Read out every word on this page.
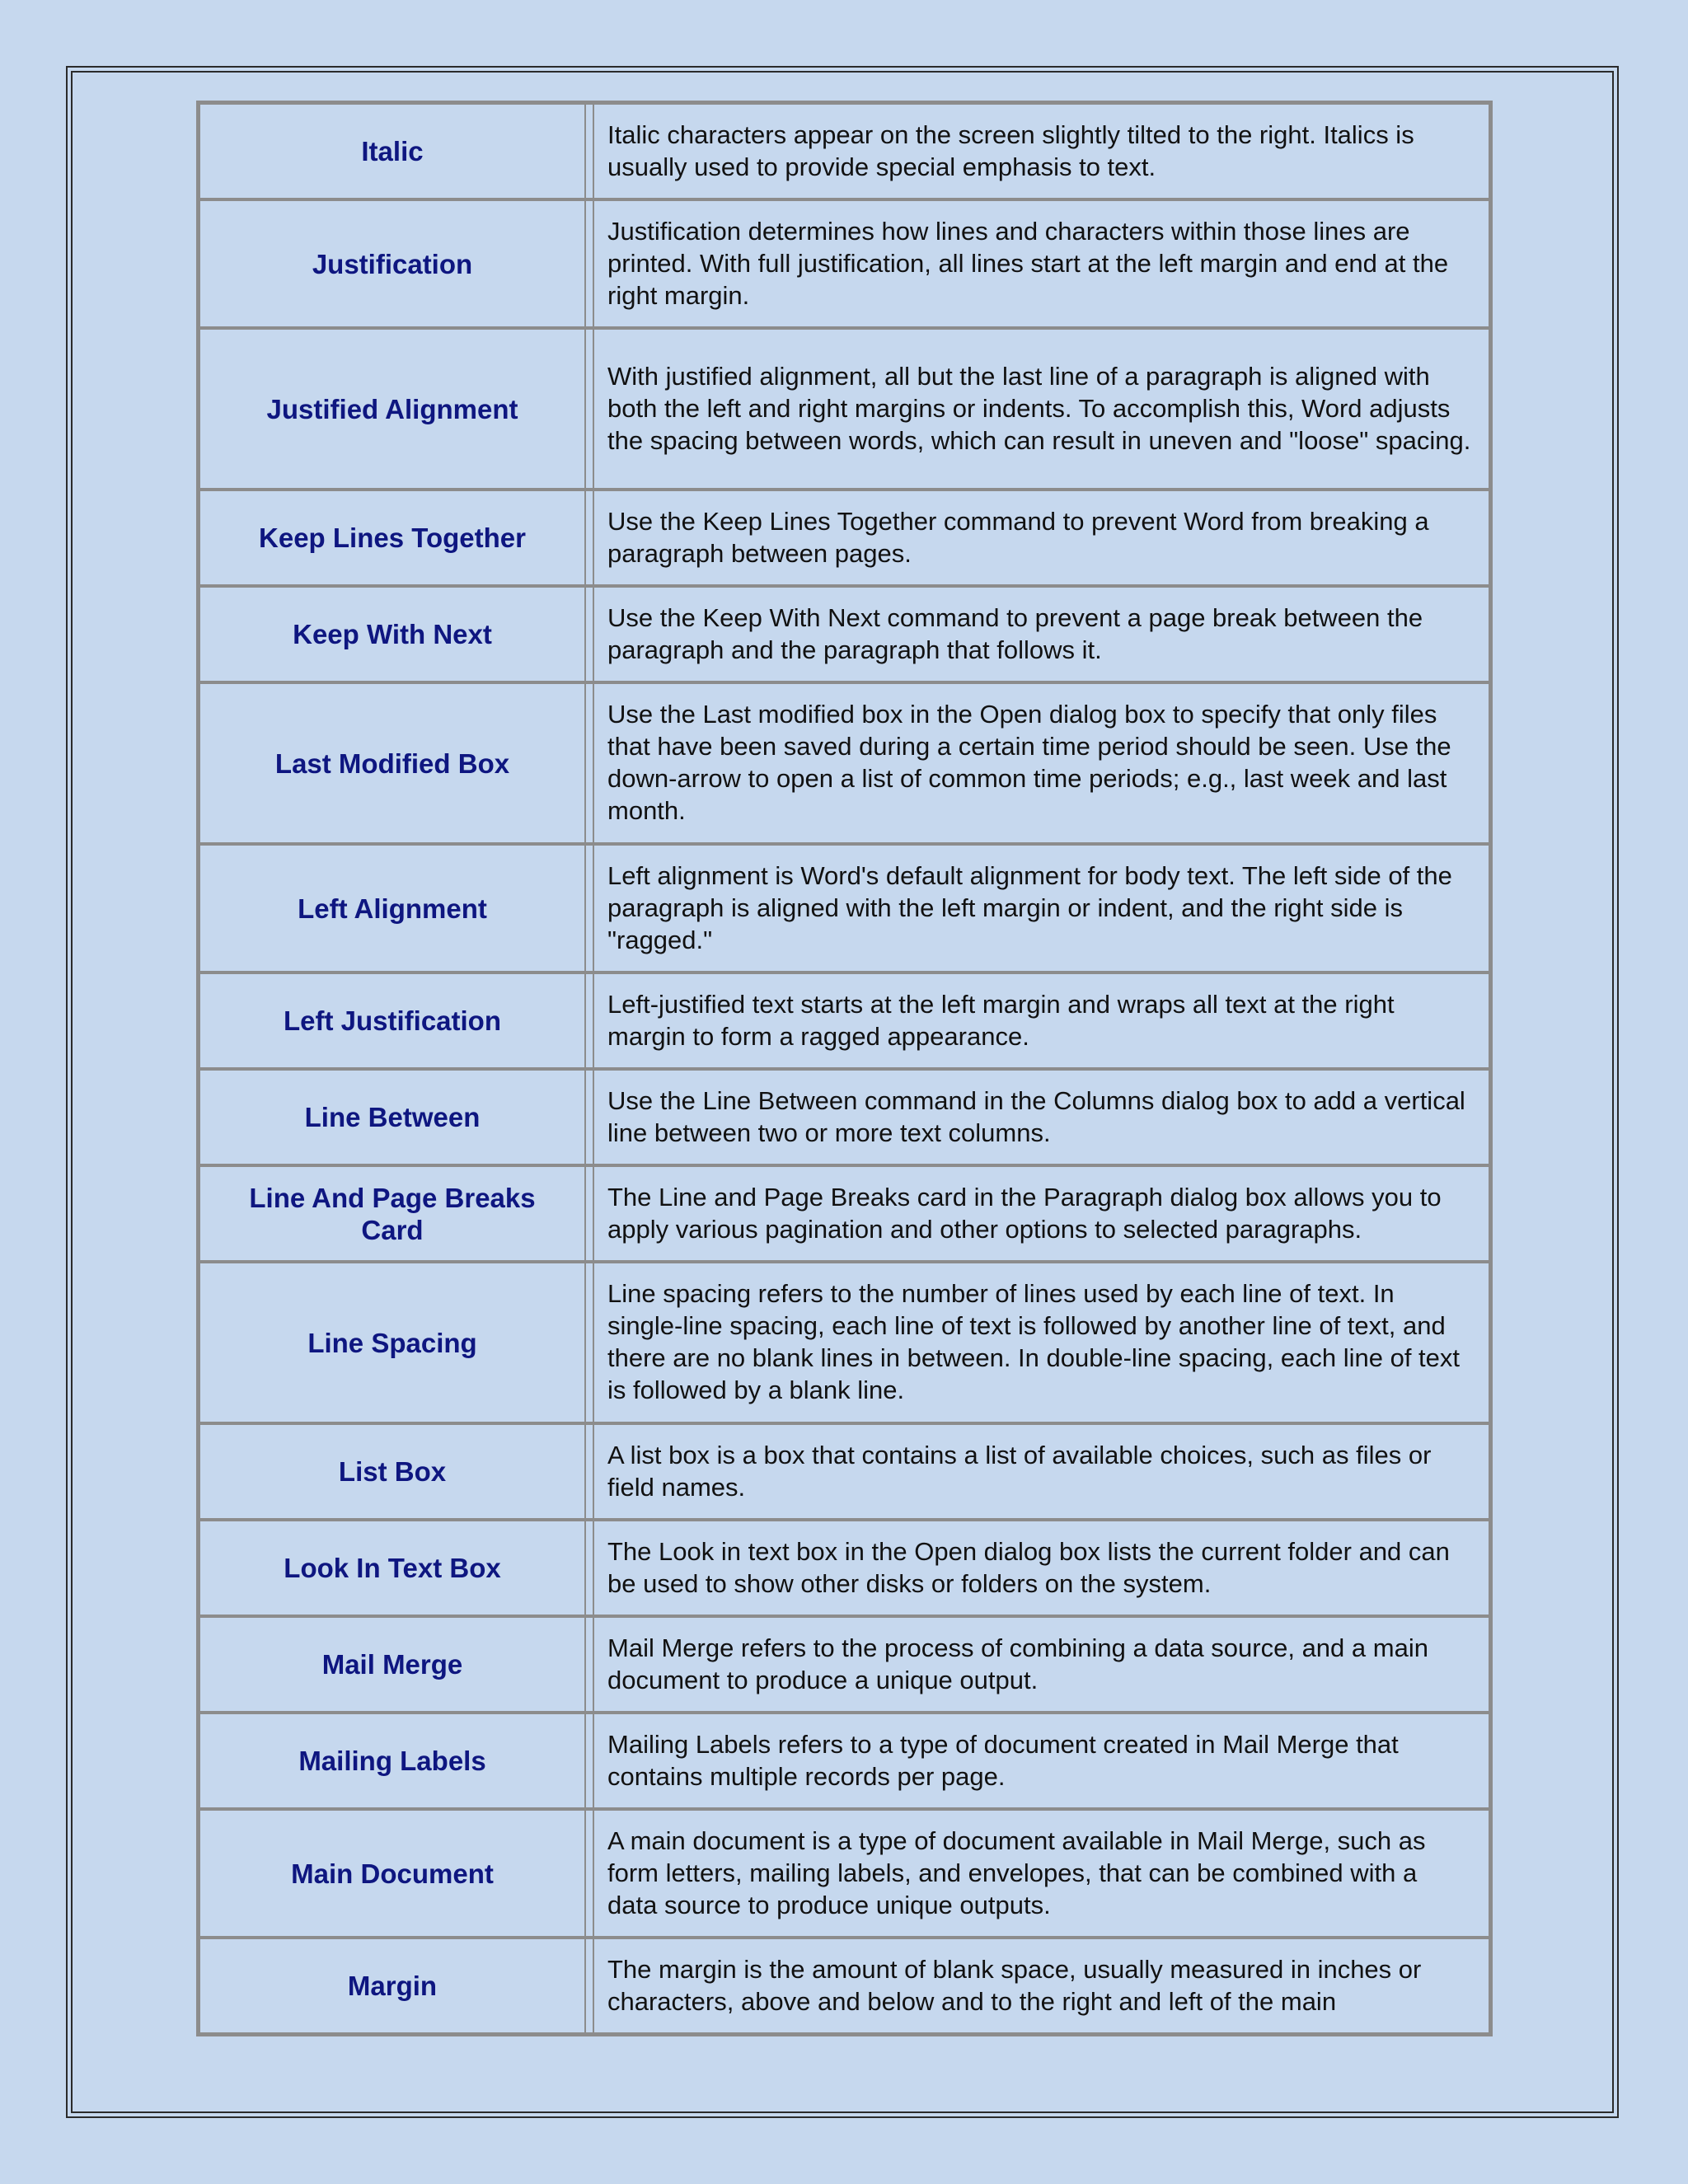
Italic		Italic characters appear on the screen slightly tilted to the right. Italics is usually used to provide special emphasis to text.
Justification		Justification determines how lines and characters within those lines are printed. With full justification, all lines start at the left margin and end at the right margin.
Justified Alignment		With justified alignment, all but the last line of a paragraph is aligned with both the left and right margins or indents. To accomplish this, Word adjusts the spacing between words, which can result in uneven and "loose" spacing.
Keep Lines Together		Use the Keep Lines Together command to prevent Word from breaking a paragraph between pages.
Keep With Next		Use the Keep With Next command to prevent a page break between the paragraph and the paragraph that follows it.
Last Modified Box		Use the Last modified box in the Open dialog box to specify that only files that have been saved during a certain time period should be seen. Use the down-arrow to open a list of common time periods; e.g., last week and last month.
Left Alignment		Left alignment is Word's default alignment for body text. The left side of the paragraph is aligned with the left margin or indent, and the right side is "ragged."
Left Justification		Left-justified text starts at the left margin and wraps all text at the right margin to form a ragged appearance.
Line Between		Use the Line Between command in the Columns dialog box to add a vertical line between two or more text columns.
Line And Page Breaks Card		The Line and Page Breaks card in the Paragraph dialog box allows you to apply various pagination and other options to selected paragraphs.
Line Spacing		Line spacing refers to the number of lines used by each line of text. In single-line spacing, each line of text is followed by another line of text, and there are no blank lines in between. In double-line spacing, each line of text is followed by a blank line.
List Box		A list box is a box that contains a list of available choices, such as files or field names.
Look In Text Box		The Look in text box in the Open dialog box lists the current folder and can be used to show other disks or folders on the system.
Mail Merge		Mail Merge refers to the process of combining a data source, and a main document to produce a unique output.
Mailing Labels		Mailing Labels refers to a type of document created in Mail Merge that contains multiple records per page.
Main Document		A main document is a type of document available in Mail Merge, such as form letters, mailing labels, and envelopes, that can be combined with a data source to produce unique outputs.
Margin		The margin is the amount of blank space, usually measured in inches or characters, above and below and to the right and left of the main
